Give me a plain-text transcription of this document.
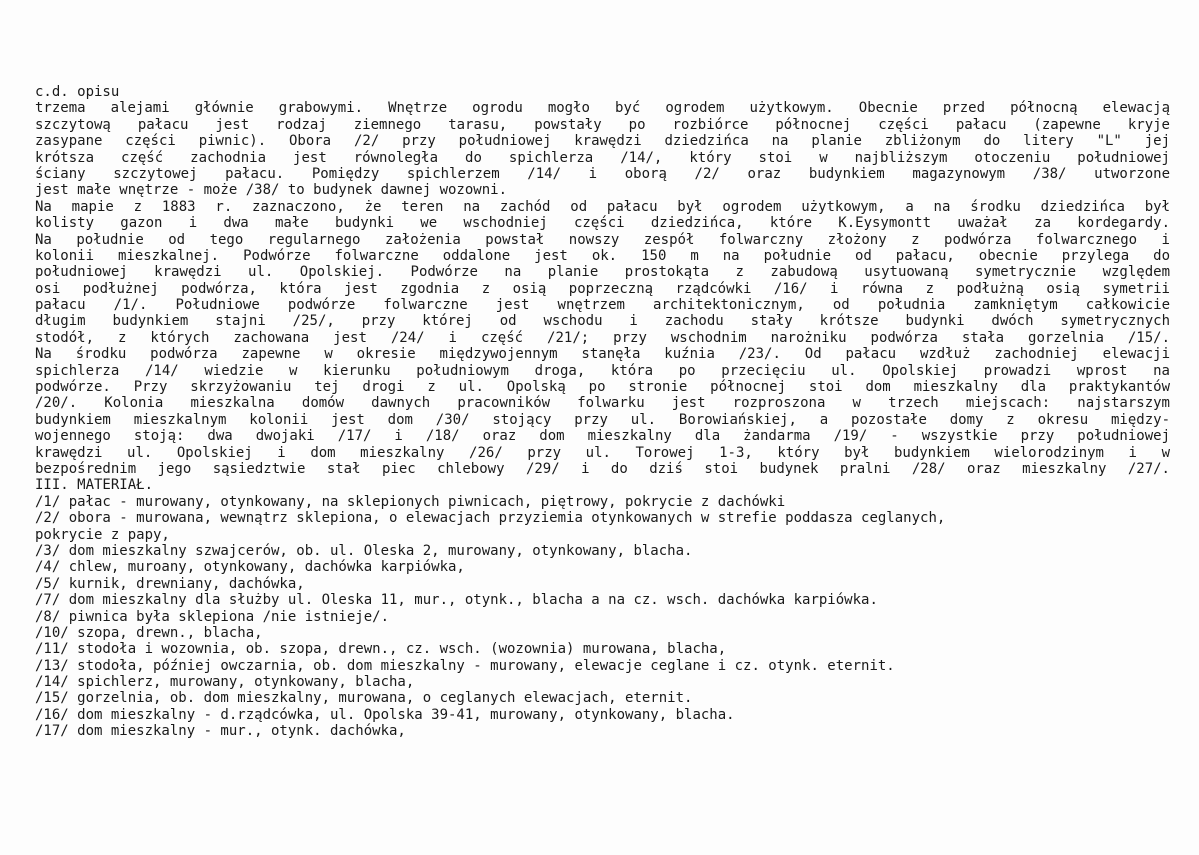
c.d. opisu
trzema alejami głównie grabowymi. Wnętrze ogrodu mogło być ogrodem użytkowym. Obecnie przed północną elewacją
szczytową pałacu jest rodzaj ziemnego tarasu, powstały po rozbiórce północnej części pałacu (zapewne kryje
zasypane części piwnic). Obora /2/ przy południowej krawędzi dziedzińca na planie zbliżonym do litery "L" jej
krótsza część zachodnia jest równoległa do spichlerza /14/, który stoi w najbliższym otoczeniu południowej
ściany szczytowej pałacu. Pomiędzy spichlerzem /14/ i oborą /2/ oraz budynkiem magazynowym /38/ utworzone
jest małe wnętrze - może /38/ to budynek dawnej wozowni.
Na mapie z 1883 r. zaznaczono, że teren na zachód od pałacu był ogrodem użytkowym, a na środku dziedzińca był
kolisty gazon i dwa małe budynki we wschodniej części dziedzińca, które K.Eysymontt uważał za kordegardy.
Na południe od tego regularnego założenia powstał nowszy zespół folwarczny złożony z podwórza folwarcznego i
kolonii mieszkalnej. Podwórze folwarczne oddalone jest ok. 150 m na południe od pałacu, obecnie przylega do
południowej krawędzi ul. Opolskiej. Podwórze na planie prostokąta z zabudową usytuowaną symetrycznie względem
osi podłużnej podwórza, która jest zgodnia z osią poprzeczną rządcówki /16/ i równa z podłużną osią symetrii
pałacu /1/. Południowe podwórze folwarczne jest wnętrzem architektonicznym, od południa zamkniętym całkowicie
długim budynkiem stajni /25/, przy której od wschodu i zachodu stały krótsze budynki dwóch symetrycznych
stodół, z których zachowana jest /24/ i część /21/; przy wschodnim narożniku podwórza stała gorzelnia /15/.
Na środku podwórza zapewne w okresie międzywojennym stanęła kuźnia /23/. Od pałacu wzdłuż zachodniej elewacji
spichlerza /14/ wiedzie w kierunku południowym droga, która po przecięciu ul. Opolskiej prowadzi wprost na
podwórze. Przy skrzyżowaniu tej drogi z ul. Opolską po stronie północnej stoi dom mieszkalny dla praktykantów
/20/. Kolonia mieszkalna domów dawnych pracowników folwarku jest rozproszona w trzech miejscach: najstarszym
budynkiem mieszkalnym kolonii jest dom /30/ stojący przy ul. Borowiańskiej, a pozostałe domy z okresu między-
wojennego stoją: dwa dwojaki /17/ i /18/ oraz dom mieszkalny dla żandarma /19/ - wszystkie przy południowej
krawędzi ul. Opolskiej i dom mieszkalny /26/ przy ul. Torowej 1-3, który był budynkiem wielorodzinym i w
bezpośrednim jego sąsiedztwie stał piec chlebowy /29/ i do dziś stoi budynek pralni /28/ oraz mieszkalny /27/.
III. MATERIAŁ.
/1/ pałac - murowany, otynkowany, na sklepionych piwnicach, piętrowy, pokrycie z dachówki
/2/ obora - murowana, wewnątrz sklepiona, o elewacjach przyziemia otynkowanych w strefie poddasza ceglanych,
pokrycie z papy,
/3/ dom mieszkalny szwajcerów, ob. ul. Oleska 2, murowany, otynkowany, blacha.
/4/ chlew, muroany, otynkowany, dachówka karpiówka,
/5/ kurnik, drewniany, dachówka,
/7/ dom mieszkalny dla służby ul. Oleska 11, mur., otynk., blacha a na cz. wsch. dachówka karpiówka.
/8/ piwnica była sklepiona /nie istnieje/.
/10/ szopa, drewn., blacha,
/11/ stodoła i wozownia, ob. szopa, drewn., cz. wsch. (wozownia) murowana, blacha,
/13/ stodoła, później owczarnia, ob. dom mieszkalny - murowany, elewacje ceglane i cz. otynk. eternit.
/14/ spichlerz, murowany, otynkowany, blacha,
/15/ gorzelnia, ob. dom mieszkalny, murowana, o ceglanych elewacjach, eternit.
/16/ dom mieszkalny - d.rządcówka, ul. Opolska 39-41, murowany, otynkowany, blacha.
/17/ dom mieszkalny - mur., otynk. dachówka,
